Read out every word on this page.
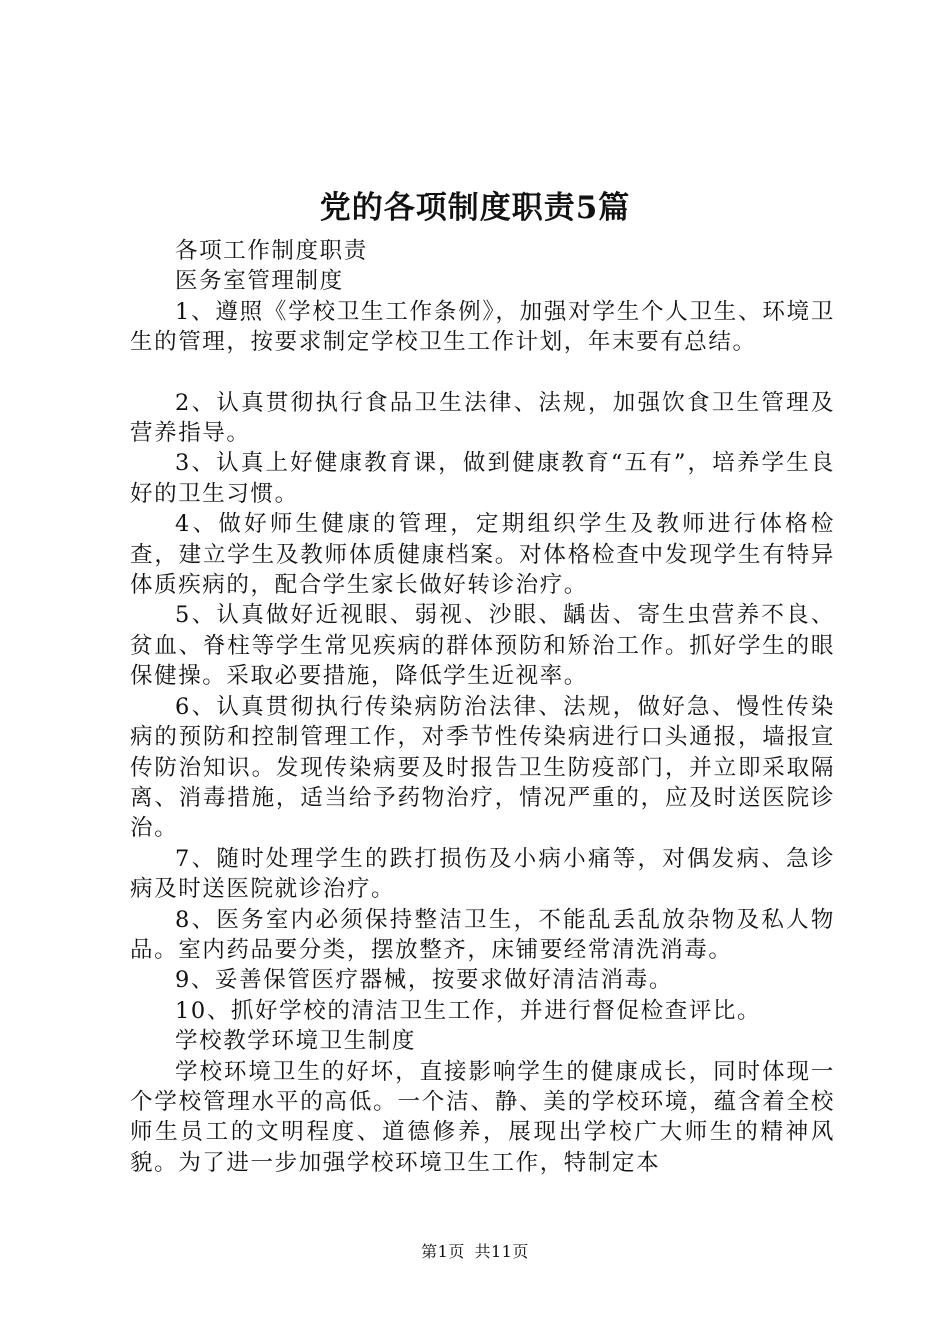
党的各项制度职责5篇

各项工作制度职责

医务室管理制度

1、遵照《学校卫生工作条例》，加强对学生个人卫生、环境卫生的管理，按要求制定学校卫生工作计划，年末要有总结。

2、认真贯彻执行食品卫生法律、法规，加强饮食卫生管理及营养指导。

3、认真上好健康教育课，做到健康教育“五有”，培养学生良好的卫生习惯。

4、做好师生健康的管理，定期组织学生及教师进行体格检查，建立学生及教师体质健康档案。对体格检查中发现学生有特异体质疾病的，配合学生家长做好转诊治疗。

5、认真做好近视眼、弱视、沙眼、龋齿、寄生虫营养不良、贫血、脊柱等学生常见疾病的群体预防和矫治工作。抓好学生的眼保健操。采取必要措施，降低学生近视率。

6、认真贯彻执行传染病防治法律、法规，做好急、慢性传染病的预防和控制管理工作，对季节性传染病进行口头通报，墙报宣传防治知识。发现传染病要及时报告卫生防疫部门，并立即采取隔离、消毒措施，适当给予药物治疗，情况严重的，应及时送医院诊治。

7、随时处理学生的跌打损伤及小病小痛等，对偶发病、急诊病及时送医院就诊治疗。

8、医务室内必须保持整洁卫生，不能乱丢乱放杂物及私人物品。室内药品要分类，摆放整齐，床铺要经常清洗消毒。

9、妥善保管医疗器械，按要求做好清洁消毒。

10、抓好学校的清洁卫生工作，并进行督促检查评比。

学校教学环境卫生制度

学校环境卫生的好坏，直接影响学生的健康成长，同时体现一个学校管理水平的高低。一个洁、静、美的学校环境，蕴含着全校师生员工的文明程度、道德修养，展现出学校广大师生的精神风貌。为了进一步加强学校环境卫生工作，特制定本

第1页 共11页
